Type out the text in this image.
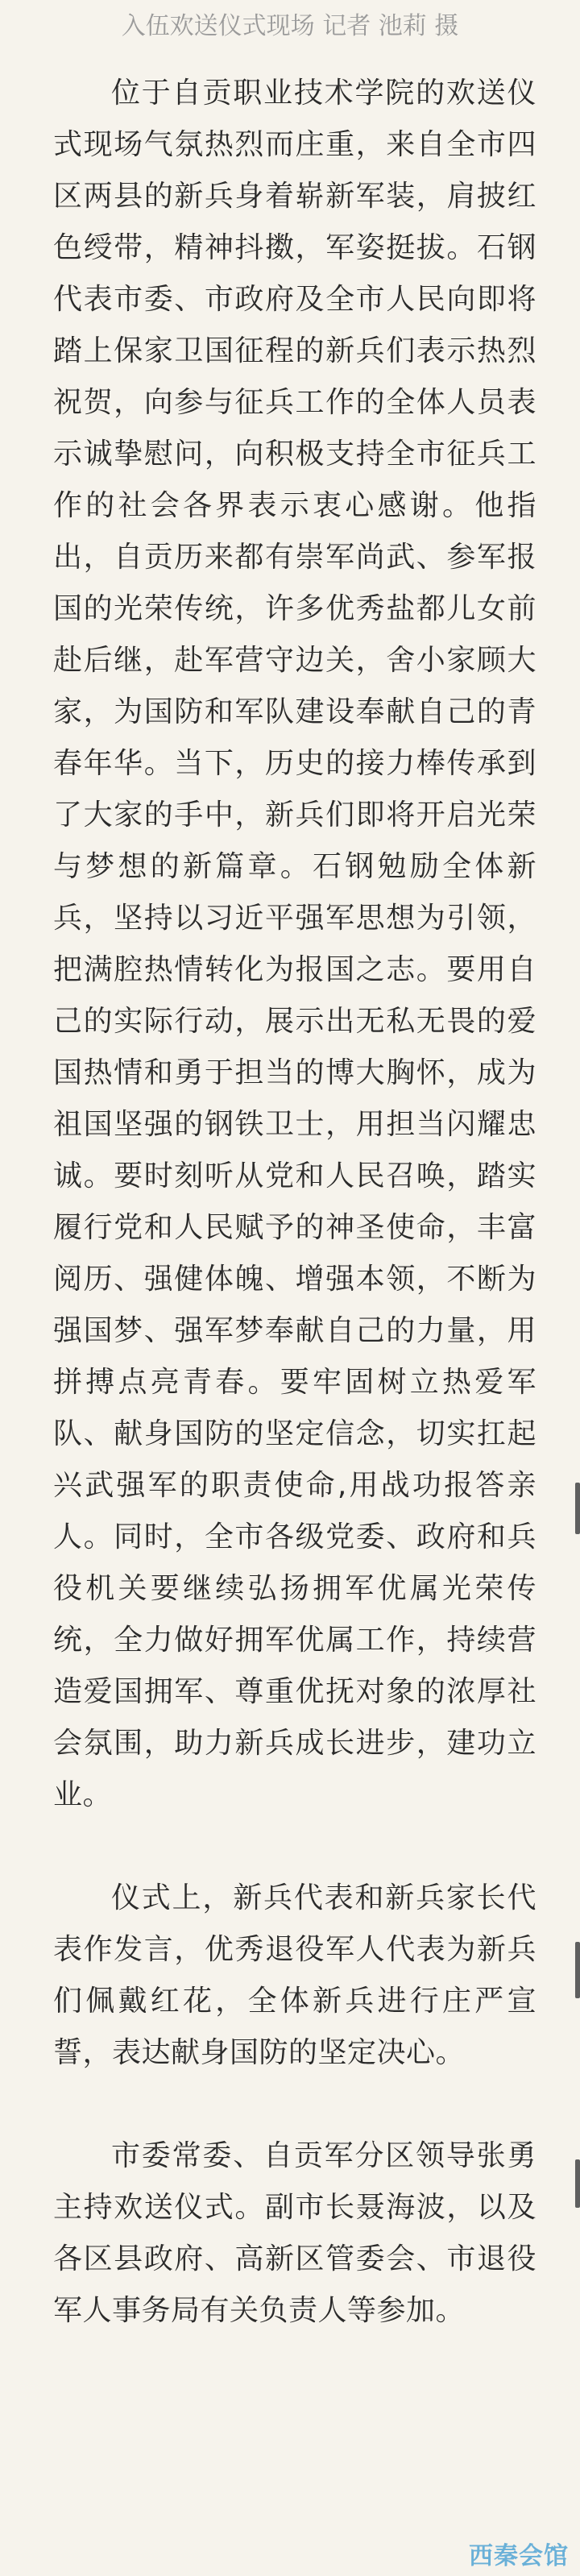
入伍欢送仪式现场 记者 池莉 摄

位于自贡职业技术学院的欢送仪式现场气氛热烈而庄重，来自全市四区两县的新兵身着崭新军装，肩披红色绶带，精神抖擞，军姿挺拔。石钢代表市委、市政府及全市人民向即将踏上保家卫国征程的新兵们表示热烈祝贺，向参与征兵工作的全体人员表示诚挚慰问，向积极支持全市征兵工作的社会各界表示衷心感谢。他指出，自贡历来都有崇军尚武、参军报国的光荣传统，许多优秀盐都儿女前赴后继，赴军营守边关，舍小家顾大家，为国防和军队建设奉献自己的青春年华。当下，历史的接力棒传承到了大家的手中，新兵们即将开启光荣与梦想的新篇章。石钢勉励全体新兵，坚持以习近平强军思想为引领，把满腔热情转化为报国之志。要用自己的实际行动，展示出无私无畏的爱国热情和勇于担当的博大胸怀，成为祖国坚强的钢铁卫士，用担当闪耀忠诚。要时刻听从党和人民召唤，踏实履行党和人民赋予的神圣使命，丰富阅历、强健体魄、增强本领，不断为强国梦、强军梦奉献自己的力量，用拼搏点亮青春。要牢固树立热爱军队、献身国防的坚定信念，切实扛起兴武强军的职责使命,用战功报答亲人。同时，全市各级党委、政府和兵役机关要继续弘扬拥军优属光荣传统，全力做好拥军优属工作，持续营造爱国拥军、尊重优抚对象的浓厚社会氛围，助力新兵成长进步，建功立业。

仪式上，新兵代表和新兵家长代表作发言，优秀退役军人代表为新兵们佩戴红花，全体新兵进行庄严宣誓，表达献身国防的坚定决心。

市委常委、自贡军分区领导张勇主持欢送仪式。副市长聂海波，以及各区县政府、高新区管委会、市退役军人事务局有关负责人等参加。

西秦会馆
